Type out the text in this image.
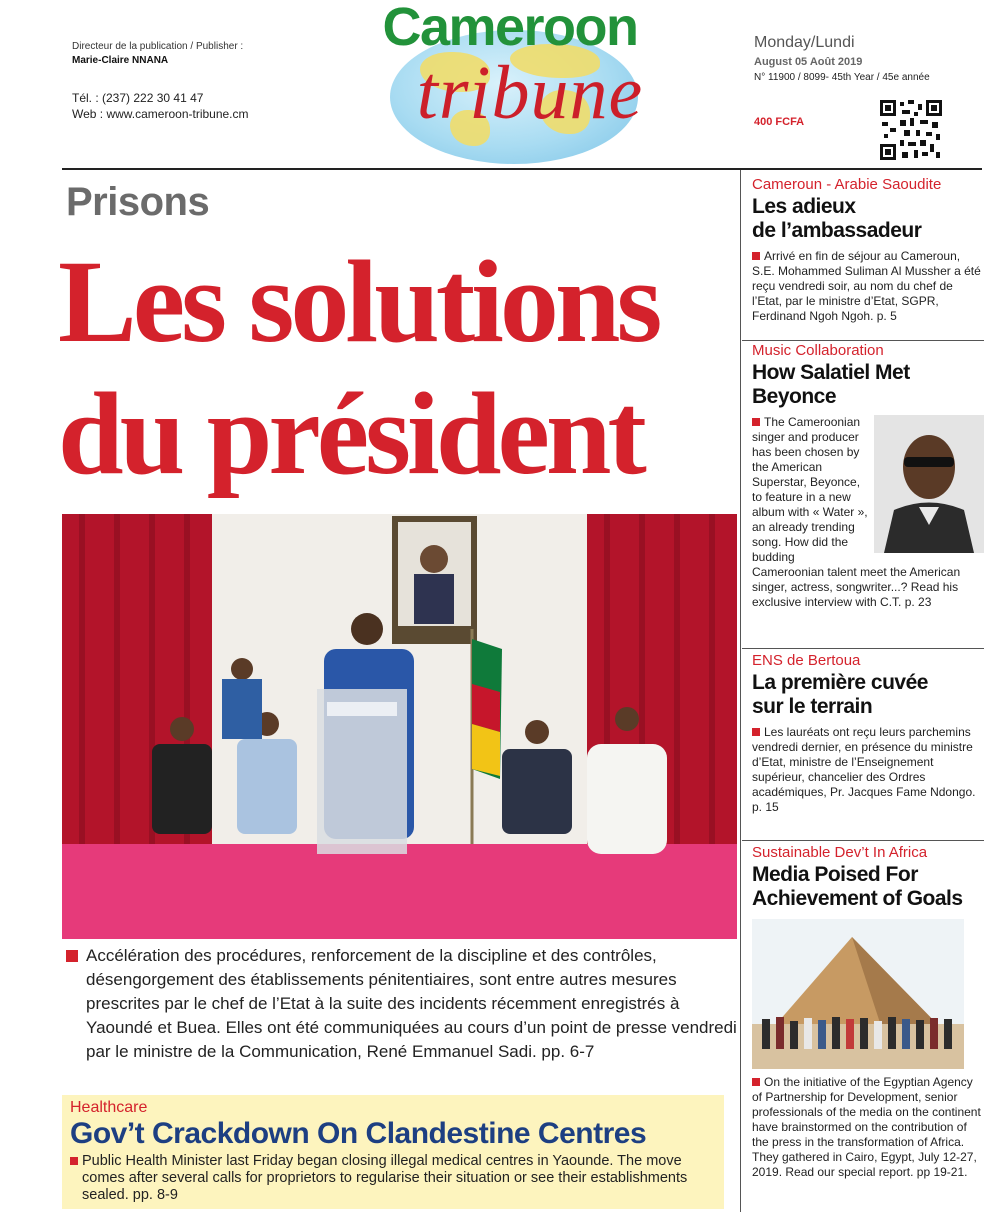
Directeur de la publication / Publisher :
Marie-Claire NNANA
Tél. : (237) 222 30 41 47
Web : www.cameroon-tribune.cm
Cameroon
tribune
Monday/Lundi
August 05 Août 2019
N° 11900 / 8099- 45th Year / 45e année
400 FCFA
Prisons
Les solutions
du président
Accélération des procédures, renforcement de la discipline et des contrôles, désengorgement des établissements pénitentiaires, sont entre autres mesures prescrites par le chef de l’Etat à la suite des incidents récemment enregistrés à Yaoundé et Buea. Elles ont été communiquées au cours d’un point de presse vendredi par le ministre de la Communication, René Emmanuel Sadi. pp. 6-7
Healthcare
Gov’t Crackdown On Clandestine Centres
Public Health Minister last Friday began closing illegal medical centres in Yaounde. The move comes after several calls for proprietors to regularise their situation or see their establishments sealed. pp. 8-9
Cameroun - Arabie Saoudite
Les adieux
de l’ambassadeur
Arrivé en fin de séjour au Cameroun, S.E. Mohammed Suliman Al Mussher a été reçu vendredi soir, au nom du chef de l’Etat, par le ministre d’Etat, SGPR, Ferdinand Ngoh Ngoh. p. 5
Music Collaboration
How Salatiel Met
Beyonce
The Cameroonian singer and producer has been chosen by the American Superstar, Beyonce, to feature in a new album with « Water », an already trending song. How did the budding Cameroonian talent meet the American singer, actress, songwriter...? Read his exclusive interview with C.T. p. 23
ENS de Bertoua
La première cuvée
sur le terrain
Les lauréats ont reçu leurs parchemins vendredi dernier, en présence du ministre d’Etat, ministre de l’Enseignement supérieur, chancelier des Ordres académiques, Pr. Jacques Fame Ndongo. p. 15
Sustainable Dev’t In Africa
Media Poised For
Achievement of Goals
On the initiative of the Egyptian Agency of Partnership for Development, senior professionals of the media on the continent have brainstormed on the contribution of the press in the transformation of Africa. They gathered in Cairo, Egypt, July 12-27, 2019. Read our special report. pp 19-21.
